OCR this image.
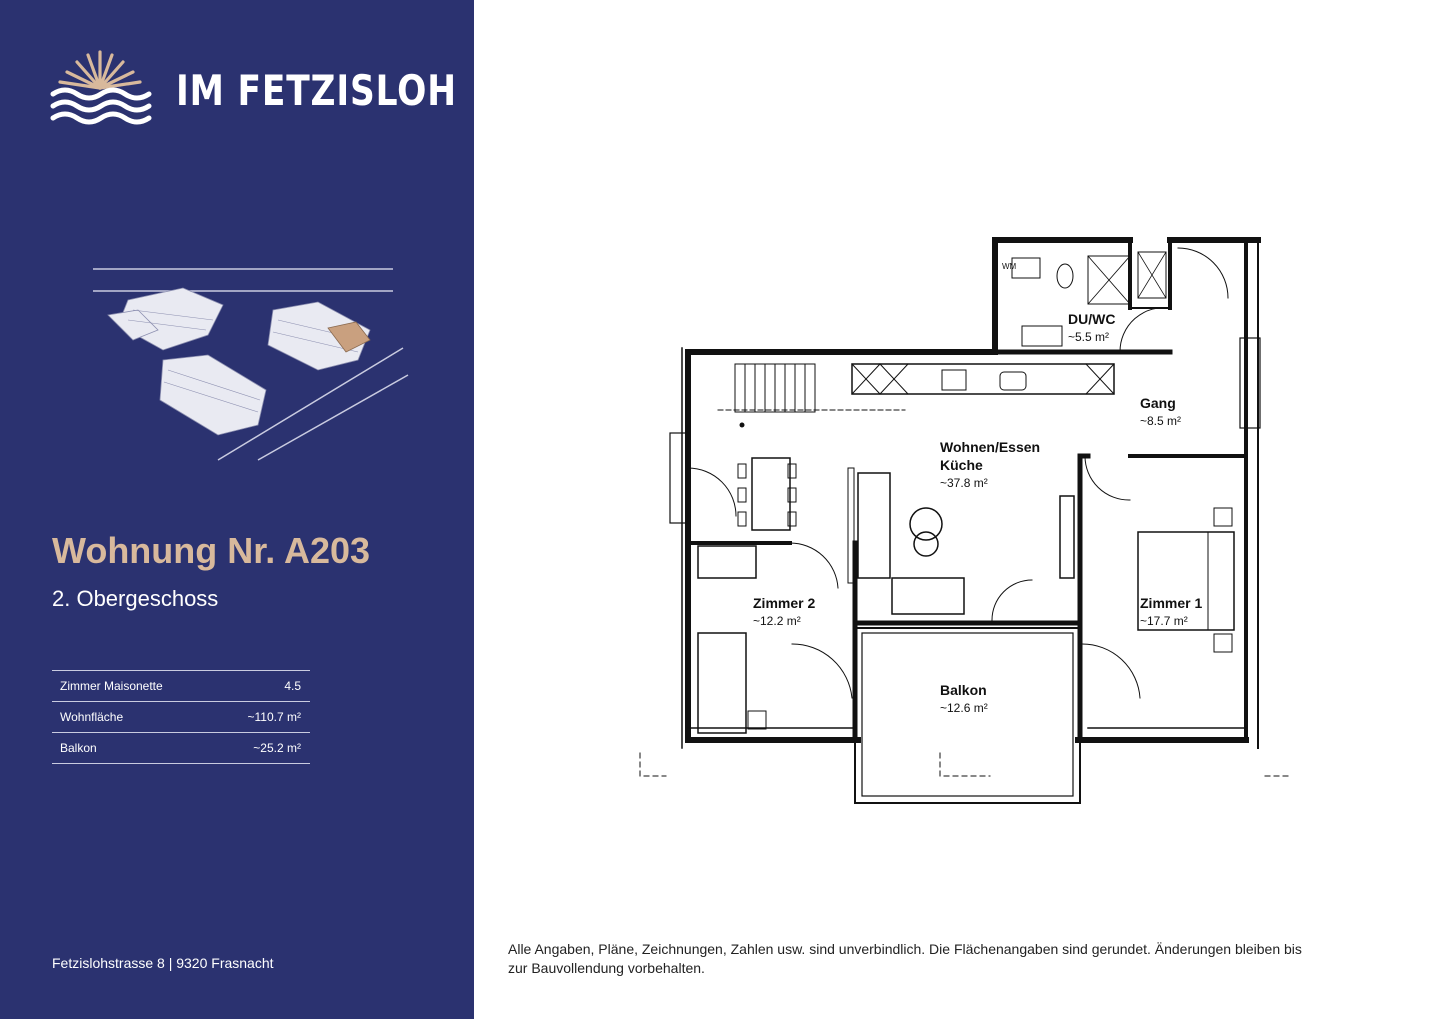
IM FETZISLOH
Wohnung Nr. A203
2. Obergeschoss
Zimmer Maisonette	4.5
Wohnfläche	~110.7 m²
Balkon	~25.2 m²
Fetzislohstrasse 8 | 9320 Frasnacht
WM
DU/WC
~5.5 m²
Gang
~8.5 m²
Wohnen/Essen
Küche
~37.8 m²
Zimmer 2
~12.2 m²
Zimmer 1
~17.7 m²
Balkon
~12.6 m²
Alle Angaben, Pläne, Zeichnungen, Zahlen usw. sind unverbindlich. Die Flächenangaben sind gerundet. Änderungen bleiben bis zur Bauvollendung vorbehalten.
